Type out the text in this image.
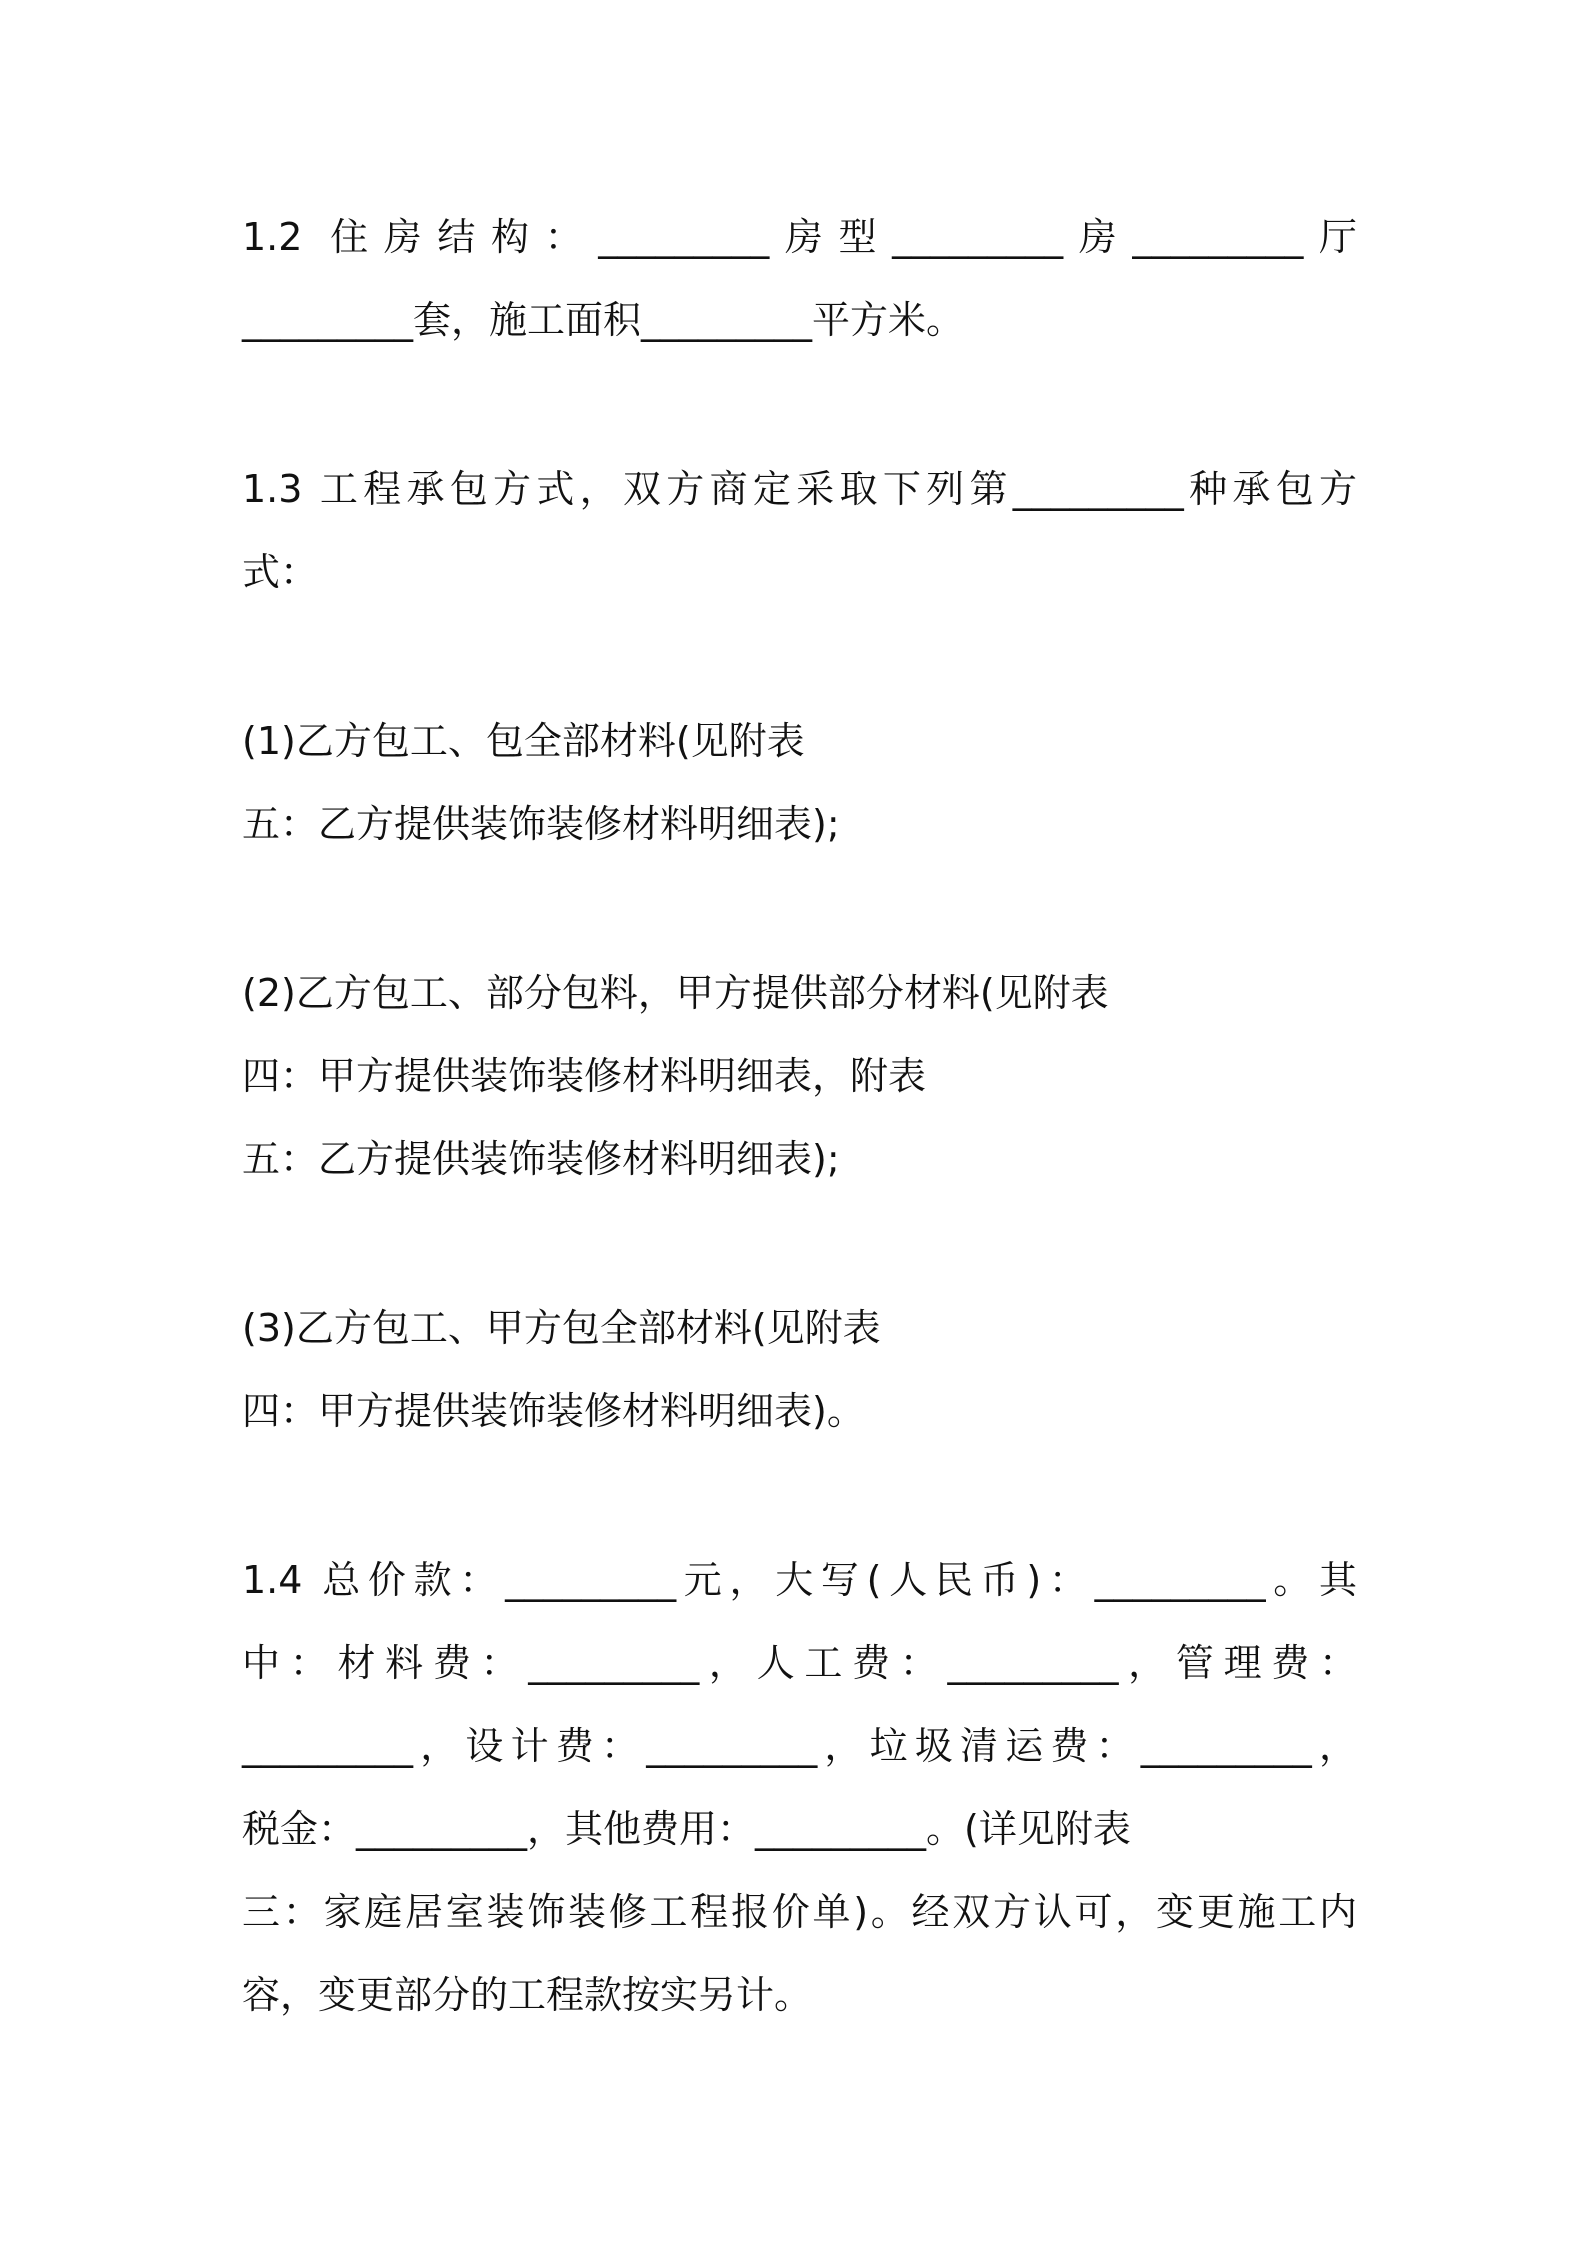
1.2 住房结构：_________房型_________房_________厅
_________套，施工面积_________平方米。
1.3 工程承包方式，双方商定采取下列第_________种承包方
式：
(1)乙方包工、包全部材料(见附表
五：乙方提供装饰装修材料明细表);
(2)乙方包工、部分包料，甲方提供部分材料(见附表
四：甲方提供装饰装修材料明细表，附表
五：乙方提供装饰装修材料明细表);
(3)乙方包工、甲方包全部材料(见附表
四：甲方提供装饰装修材料明细表)。
1.4 总价款：_________元，大写(人民币)：_________。其
中：材料费：_________，人工费：_________，管理费：
_________，设计费：_________，垃圾清运费：_________，
税金：_________，其他费用：_________。(详见附表
三：家庭居室装饰装修工程报价单)。经双方认可，变更施工内
容，变更部分的工程款按实另计。
